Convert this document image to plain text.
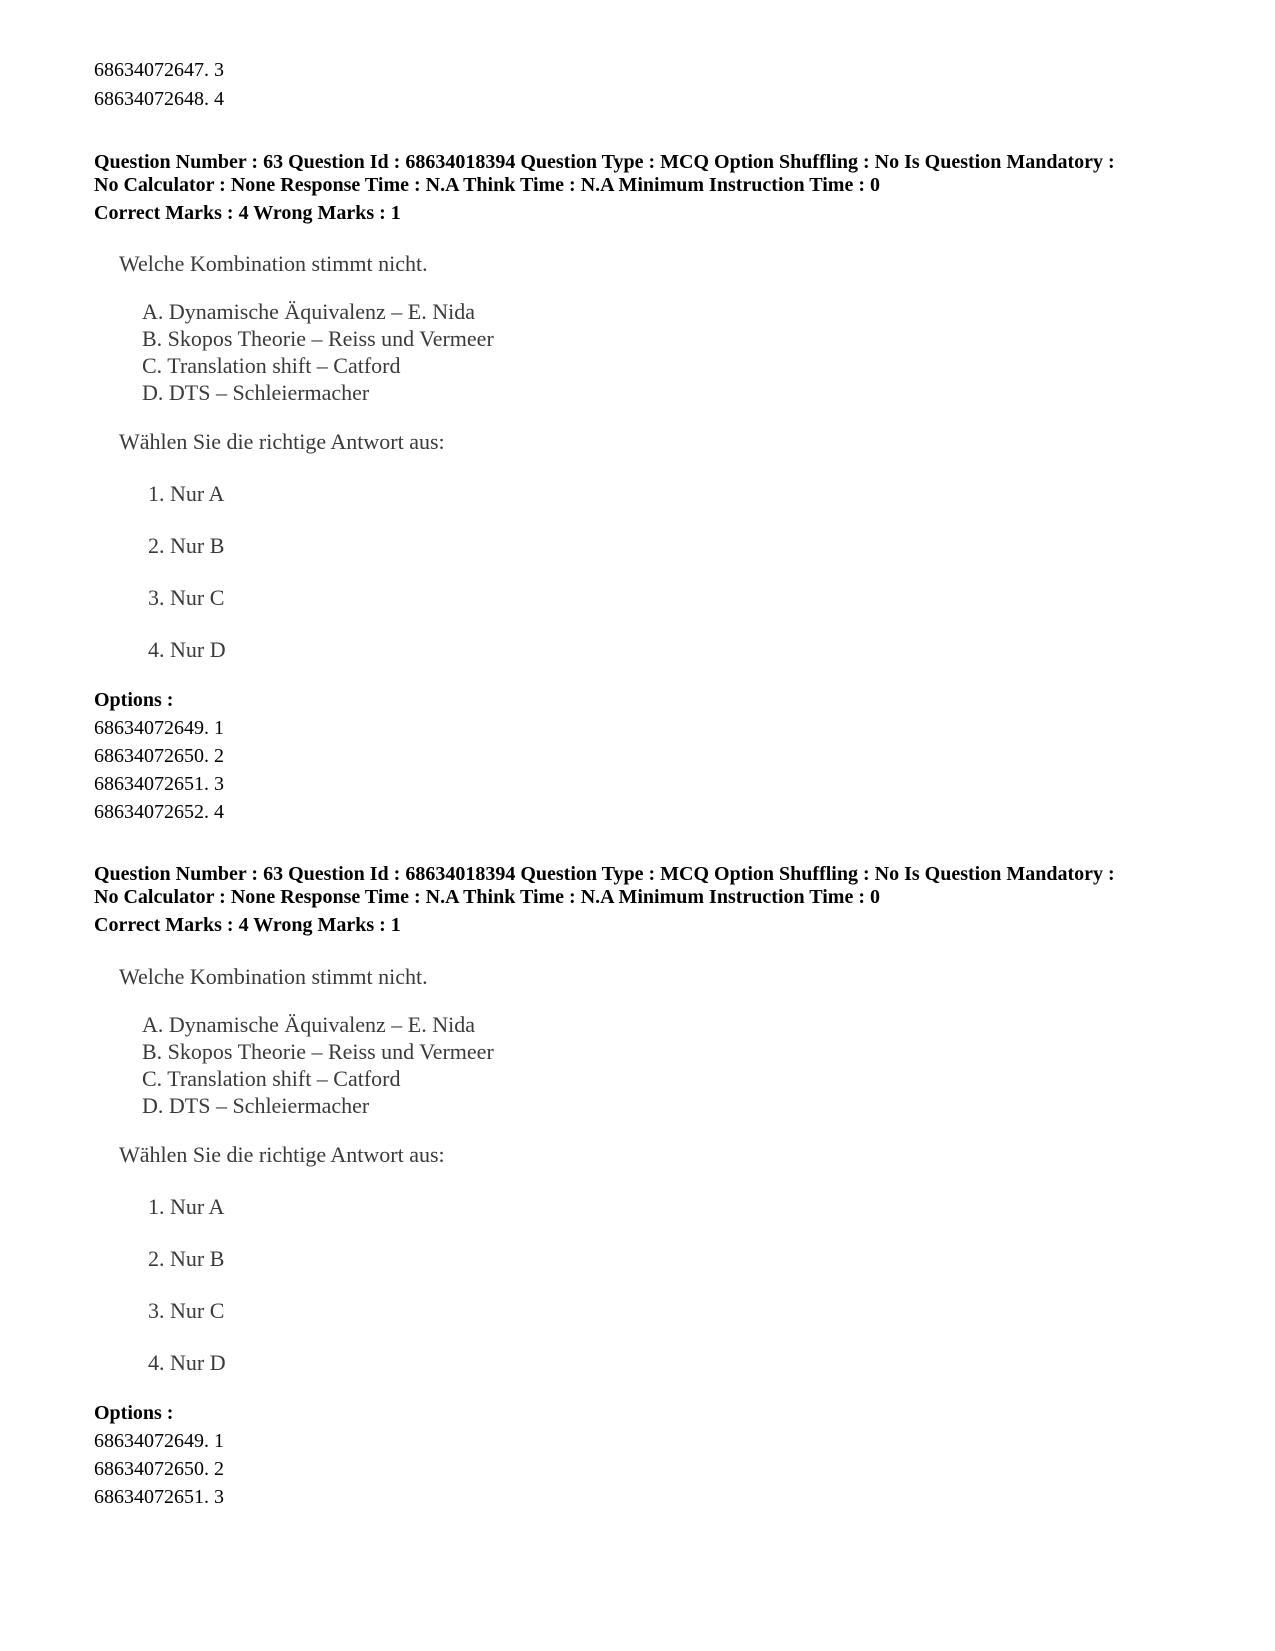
68634072647. 3

68634072648. 4

Question Number : 63 Question Id : 68634018394 Question Type : MCQ Option Shuffling : No Is Question Mandatory :

No Calculator : None Response Time : N.A Think Time : N.A Minimum Instruction Time : 0

Correct Marks : 4 Wrong Marks : 1

Welche Kombination stimmt nicht.
A. Dynamische Äquivalenz – E. Nida
B. Skopos Theorie – Reiss und Vermeer
C. Translation shift – Catford
D. DTS – Schleiermacher
Wählen Sie die richtige Antwort aus:
1. Nur A
2. Nur B
3. Nur C
4. Nur D

Options :

68634072649. 1

68634072650. 2

68634072651. 3

68634072652. 4

Question Number : 63 Question Id : 68634018394 Question Type : MCQ Option Shuffling : No Is Question Mandatory :

No Calculator : None Response Time : N.A Think Time : N.A Minimum Instruction Time : 0

Correct Marks : 4 Wrong Marks : 1

Welche Kombination stimmt nicht.
A. Dynamische Äquivalenz – E. Nida
B. Skopos Theorie – Reiss und Vermeer
C. Translation shift – Catford
D. DTS – Schleiermacher
Wählen Sie die richtige Antwort aus:
1. Nur A
2. Nur B
3. Nur C
4. Nur D

Options :

68634072649. 1

68634072650. 2

68634072651. 3
